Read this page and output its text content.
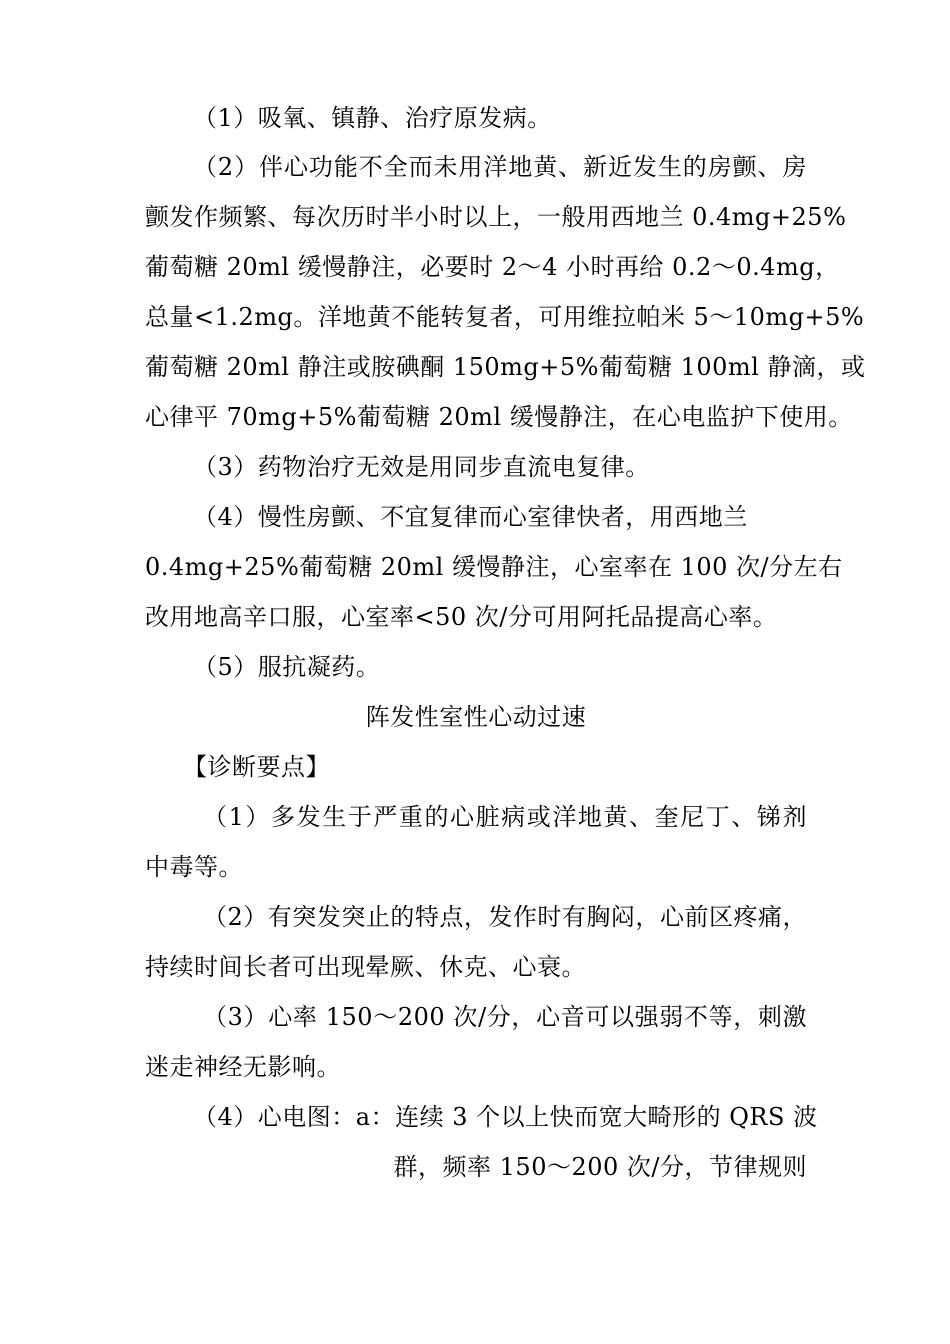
（1）吸氧、镇静、治疗原发病。
（2）伴心功能不全而未用洋地黄、新近发生的房颤、房
颤发作频繁、每次历时半小时以上，一般用西地兰 0.4mg+25%
葡萄糖 20ml 缓慢静注，必要时 2～4 小时再给 0.2～0.4mg，
总量<1.2mg。洋地黄不能转复者，可用维拉帕米 5～10mg+5%
葡萄糖 20ml 静注或胺碘酮 150mg+5%葡萄糖 100ml 静滴，或
心律平 70mg+5%葡萄糖 20ml 缓慢静注，在心电监护下使用。
（3）药物治疗无效是用同步直流电复律。
（4）慢性房颤、不宜复律而心室律快者，用西地兰
0.4mg+25%葡萄糖 20ml 缓慢静注，心室率在 100 次/分左右
改用地高辛口服，心室率<50 次/分可用阿托品提高心率。
（5）服抗凝药。
阵发性室性心动过速
【诊断要点】
（1）多发生于严重的心脏病或洋地黄、奎尼丁、锑剂
中毒等。
（2）有突发突止的特点，发作时有胸闷，心前区疼痛，
持续时间长者可出现晕厥、休克、心衰。
（3）心率 150～200 次/分，心音可以强弱不等，刺激
迷走神经无影响。
（4）心电图：a：连续 3 个以上快而宽大畸形的 QRS 波
群，频率 150～200 次/分，节律规则
